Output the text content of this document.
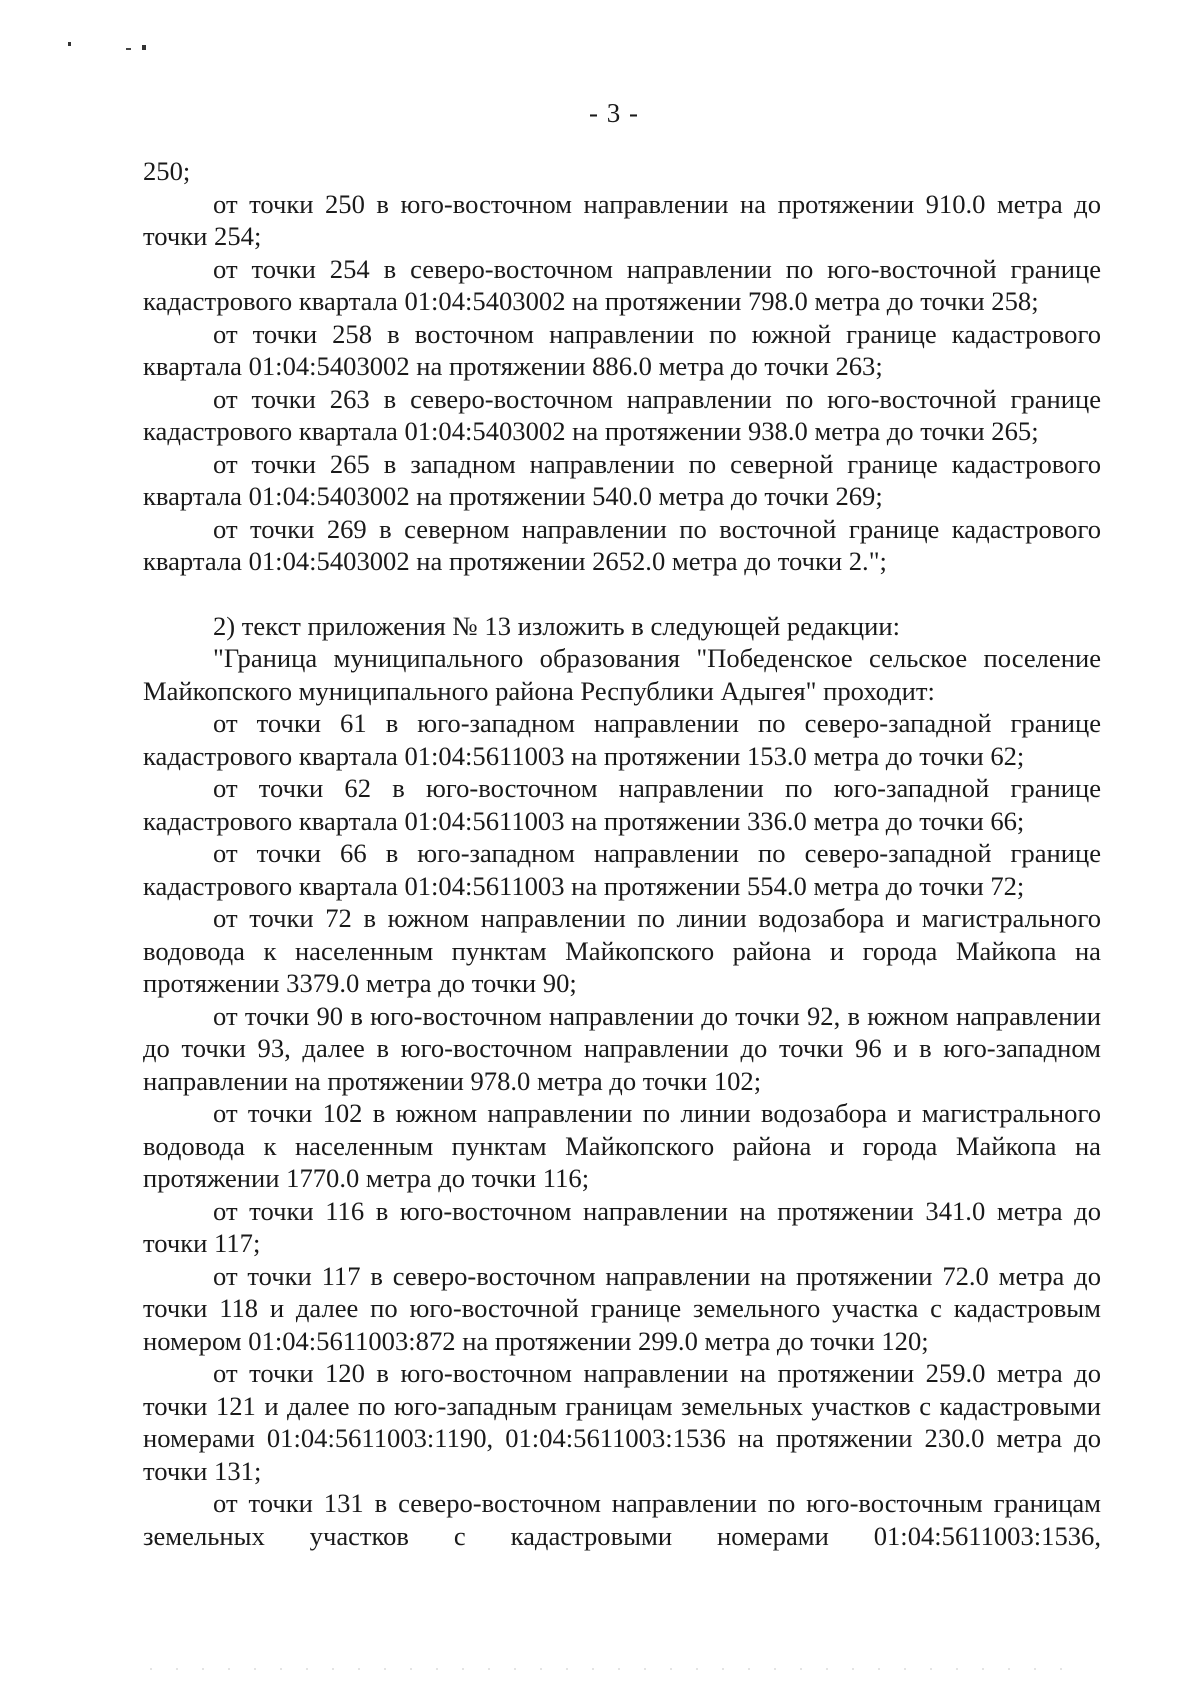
- 3 -

250;

от точки 250 в юго-восточном направлении на протяжении 910.0 метра до точки 254;

от точки 254 в северо-восточном направлении по юго-восточной границе кадастрового квартала 01:04:5403002 на протяжении 798.0 метра до точки 258;

от точки 258 в восточном направлении по южной границе кадастрового квартала 01:04:5403002 на протяжении 886.0 метра до точки 263;

от точки 263 в северо-восточном направлении по юго-восточной границе кадастрового квартала 01:04:5403002 на протяжении 938.0 метра до точки 265;

от точки 265 в западном направлении по северной границе кадастрового квартала 01:04:5403002 на протяжении 540.0 метра до точки 269;

от точки 269 в северном направлении по восточной границе кадастрового квартала 01:04:5403002 на протяжении 2652.0 метра до точки 2.";

2) текст приложения № 13 изложить в следующей редакции:

"Граница муниципального образования "Победенское сельское поселение Майкопского муниципального района Республики Адыгея" проходит:

от точки 61 в юго-западном направлении по северо-западной границе кадастрового квартала 01:04:5611003 на протяжении 153.0 метра до точки 62;

от точки 62 в юго-восточном направлении по юго-западной границе кадастрового квартала 01:04:5611003 на протяжении 336.0 метра до точки 66;

от точки 66 в юго-западном направлении по северо-западной границе кадастрового квартала 01:04:5611003 на протяжении 554.0 метра до точки 72;

от точки 72 в южном направлении по линии водозабора и магистрального водовода к населенным пунктам Майкопского района и города Майкопа на протяжении 3379.0 метра до точки 90;

от точки 90 в юго-восточном направлении до точки 92, в южном направлении до точки 93, далее в юго-восточном направлении до точки 96 и в юго-западном направлении на протяжении 978.0 метра до точки 102;

от точки 102 в южном направлении по линии водозабора и магистрального водовода к населенным пунктам Майкопского района и города Майкопа на протяжении 1770.0 метра до точки 116;

от точки 116 в юго-восточном направлении на протяжении 341.0 метра до точки 117;

от точки 117 в северо-восточном направлении на протяжении 72.0 метра до точки 118 и далее по юго-восточной границе земельного участка с кадастровым номером 01:04:5611003:872 на протяжении 299.0 метра до точки 120;

от точки 120 в юго-восточном направлении на протяжении 259.0 метра до точки 121 и далее по юго-западным границам земельных участков с кадастровыми номерами 01:04:5611003:1190, 01:04:5611003:1536 на протяжении 230.0 метра до точки 131;

от точки 131 в северо-восточном направлении по юго-восточным границам земельных участков с кадастровыми номерами 01:04:5611003:1536,
